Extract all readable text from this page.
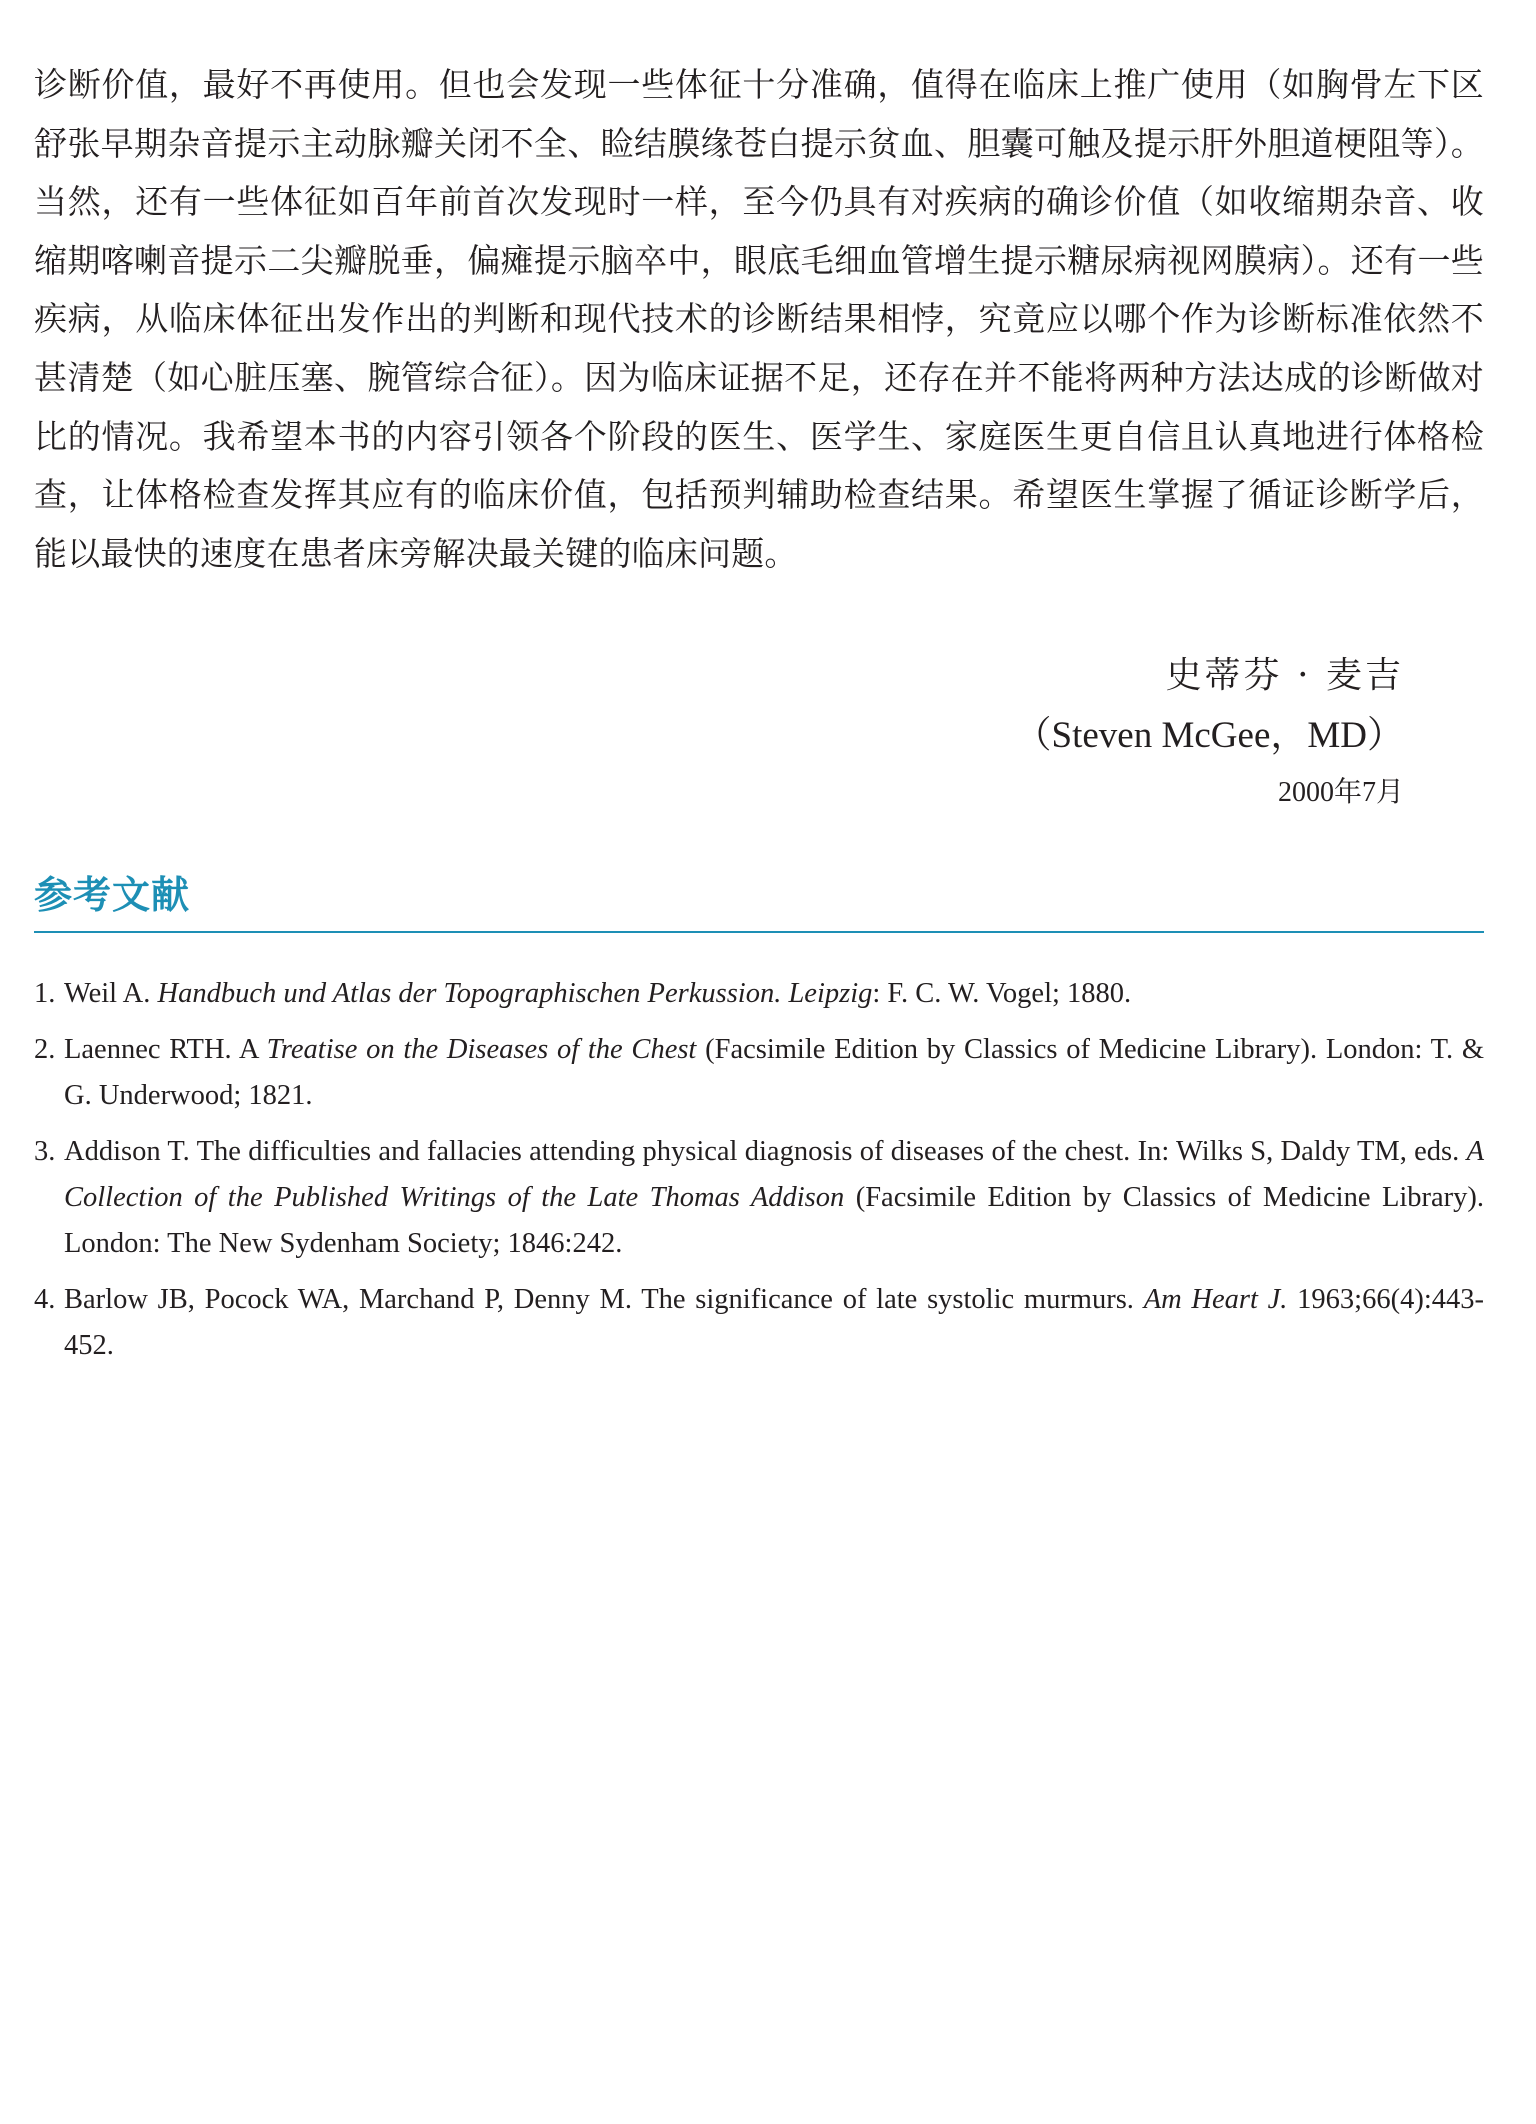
诊断价值，最好不再使用。但也会发现一些体征十分准确，值得在临床上推广使用（如胸骨左下区舒张早期杂音提示主动脉瓣关闭不全、睑结膜缘苍白提示贫血、胆囊可触及提示肝外胆道梗阻等）。当然，还有一些体征如百年前首次发现时一样，至今仍具有对疾病的确诊价值（如收缩期杂音、收缩期喀喇音提示二尖瓣脱垂，偏瘫提示脑卒中，眼底毛细血管增生提示糖尿病视网膜病）。还有一些疾病，从临床体征出发作出的判断和现代技术的诊断结果相悖，究竟应以哪个作为诊断标准依然不甚清楚（如心脏压塞、腕管综合征）。因为临床证据不足，还存在并不能将两种方法达成的诊断做对比的情况。我希望本书的内容引领各个阶段的医生、医学生、家庭医生更自信且认真地进行体格检查，让体格检查发挥其应有的临床价值，包括预判辅助检查结果。希望医生掌握了循证诊断学后，能以最快的速度在患者床旁解决最关键的临床问题。

史蒂芬 · 麦吉
（Steven McGee，MD）
2000年7月
参考文献
1. Weil A. Handbuch und Atlas der Topographischen Perkussion. Leipzig: F. C. W. Vogel; 1880.
2. Laennec RTH. A Treatise on the Diseases of the Chest (Facsimile Edition by Classics of Medicine Library). London: T. & G. Underwood; 1821.
3. Addison T. The difficulties and fallacies attending physical diagnosis of diseases of the chest. In: Wilks S, Daldy TM, eds. A Collection of the Published Writings of the Late Thomas Addison (Facsimile Edition by Classics of Medicine Library). London: The New Sydenham Society; 1846:242.
4. Barlow JB, Pocock WA, Marchand P, Denny M. The significance of late systolic murmurs. Am Heart J. 1963;66(4):443-452.
